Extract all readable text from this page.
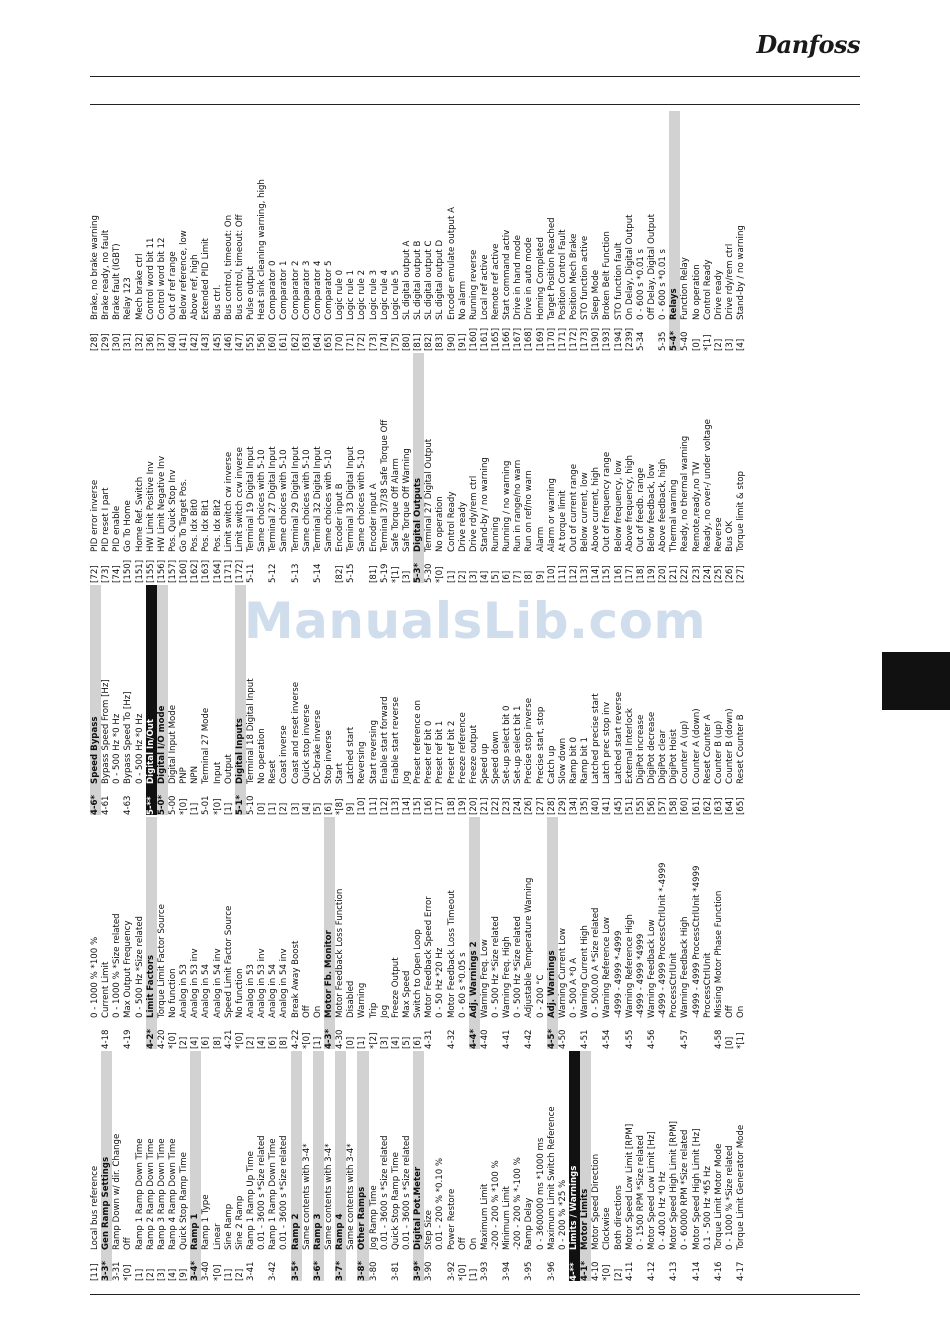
Danfoss
[11]
Local bus reference
3-3*
Gen Ramp Settings
3-31
Ramp Down w/ dir. Change
*[0]
Off
[1]
Ramp 1 Ramp Down Time
[2]
Ramp 2 Ramp Down Time
[3]
Ramp 3 Ramp Down Time
[4]
Ramp 4 Ramp Down Time
[9]
Quick Stop Ramp Time
3-4*
Ramp 1
3-40
Ramp 1 Type
*[0]
Linear
[1]
Sine Ramp
[2]
Sine 2 Ramp
3-41
Ramp 1 Ramp Up Time 0.01 - 3600 s *Size related
3-42
Ramp 1 Ramp Down Time 0.01 - 3600 s *Size related
3-5*
Ramp 2 Same contents with 3-4*
3-6*
Ramp 3 Same contents with 3-4*
3-7*
Ramp 4 Same contents with 3-4*
3-8*
Other Ramps
3-80
Jog Ramp Time 0.01 - 3600 s *Size related
3-81
Quick Stop Ramp Time 0.01 - 3600 s *Size related
3-9*
Digital Pot.Meter
3-90
Step Size 0.01 - 200 % *0.10 %
3-92
Power Restore
*[0]
Off
[1]
On
3-93
Maximum Limit -200 - 200 % *100 %
3-94
Minimum Limit -200 - 200 % *-100 %
3-95
Ramp Delay 0 - 3600000 ms *1000 ms
3-96
Maximum Limit Switch Reference 0 - 200 % *25 %
4-**
Limits / Warnings
4-1*
Motor Limits
4-10
Motor Speed Direction
*[0]
Clockwise
[2]
Both directions
4-11
Motor Speed Low Limit [RPM] 0 - 1500 RPM *Size related
4-12
Motor Speed Low Limit [Hz] 0 - 400.0 Hz *0 Hz
4-13
Motor Speed High Limit [RPM] 0 - 60000 RPM *Size related
4-14
Motor Speed High Limit [Hz] 0.1 - 500 Hz *65 Hz
4-16
Torque Limit Motor Mode 0 - 1000 % *Size related
4-17
Torque Limit Generator Mode
0 - 1000 % *100 %
4-18
Current Limit 0 - 1000 % *Size related
4-19
Max Output Frequency 0 - 500 Hz *Size related
4-2*
Limit Factors
4-20
Torque Limit Factor Source
*[0]
No function
[2]
Analog in 53
[4]
Analog in 53 inv
[6]
Analog in 54
[8]
Analog in 54 inv
4-21
Speed Limit Factor Source
*[0]
No function
[2]
Analog in 53
[4]
Analog in 53 inv
[6]
Analog in 54
[8]
Analog in 54 inv
4-22
Break Away Boost
*[0]
Off
[1]
On
4-3*
Motor Fb. Monitor
4-30
Motor Feedback Loss Function
[0]
Disabled
[1]
Warning
*[2]
Trip
[3]
Jog
[4]
Freeze Output
[5]
Max Speed
[6]
Switch to Open Loop
4-31
Motor Feedback Speed Error 0 - 50 Hz *20 Hz
4-32
Motor Feedback Loss Timeout 0 - 60 s *0.05 s
4-4*
Adj. Warnings 2
4-40
Warning Freq. Low 0 - 500 Hz *Size related
4-41
Warning Freq. High 0 - 500 Hz *Size related
4-42
Adjustable Temperature Warning 0 - 200 °C
4-5*
Adj. Warnings
4-50
Warning Current Low 0 - 500 A *0 A
4-51
Warning Current High 0 - 500.00 A *Size related
4-54
Warning Reference Low -4999 - 4999 *-4999
4-55
Warning Reference High -4999 - 4999 *4999
4-56
Warning Feedback Low -4999 - 4999 ProcessCtrlUnit *-4999 ProcessCtrlUnit
4-57
Warning Feedback High -4999 - 4999 ProcessCtrlUnit *4999 ProcessCtrlUnit
4-58
Missing Motor Phase Function
[0]
Off
*[1]
On
4-6*
Speed Bypass
4-61
Bypass Speed From [Hz] 0 - 500 Hz *0 Hz
4-63
Bypass Speed To [Hz] 0 - 500 Hz *0 Hz
5-**
Digital In/Out
5-0*
Digital I/O mode
5-00
Digital Input Mode
*[0]
PNP
[1]
NPN
5-01
Terminal 27 Mode
*[0]
Input
[1]
Output
5-1*
Digital Inputs
5-10
Terminal 18 Digital Input
[0]
No operation
[1]
Reset
[2]
Coast inverse
[3]
Coast and reset inverse
[4]
Quick stop inverse
[5]
DC-brake inverse
[6]
Stop inverse
*[8]
Start
[9]
Latched start
[10]
Reversing
[11]
Start reversing
[12]
Enable start forward
[13]
Enable start reverse
[14]
Jog
[15]
Preset reference on
[16]
Preset ref bit 0
[17]
Preset ref bit 1
[18]
Preset ref bit 2
[19]
Freeze reference
[20]
Freeze output
[21]
Speed up
[22]
Speed down
[23]
Set-up select bit 0
[24]
Set-up select bit 1
[26]
Precise stop inverse
[27]
Precise start, stop
[28]
Catch up
[29]
Slow down
[34]
Ramp bit 0
[35]
Ramp bit 1
[40]
Latched precise start
[41]
Latch prec stop inv
[45]
Latched start reverse
[51]
External Interlock
[55]
DigiPot increase
[56]
DigiPot decrease
[57]
DigiPot clear
[58]
DigiPot Hoist
[60]
Counter A (up)
[61]
Counter A (down)
[62]
Reset Counter A
[63]
Counter B (up)
[64]
Counter B (down)
[65]
Reset Counter B
[72]
PID error inverse
[73]
PID reset I part
[74]
PID enable
[150]
Go To Home
[151]
Home Ref. Switch
[155]
HW Limit Positive Inv
[156]
HW Limit Negative Inv
[157]
Pos. Quick Stop Inv
[160]
Go To Target Pos.
[162]
Pos. Idx Bit0
[163]
Pos. Idx Bit1
[164]
Pos. Idx Bit2
[171]
Limit switch cw inverse
[172]
Limit switch ccw inverse
5-11
Terminal 19 Digital Input Same choices with 5-10
5-12
Terminal 27 Digital Input Same choices with 5-10
5-13
Terminal 29 Digital Input Same choices with 5-10
5-14
Terminal 32 Digital Input Same choices with 5-10
[82]
Encoder input B
5-15
Terminal 33 Digital Input Same choices with 5-10
[81]
Encoder input A
5-19
Terminal 37/38 Safe Torque Off
*[1]
Safe Torque Off Alarm
[3]
Safe Torque Off Warning
5-3*
Digital Outputs
5-30
Terminal 27 Digital Output
*[0]
No operation
[1]
Control Ready
[2]
Drive ready
[3]
Drive rdy/rem ctrl
[4]
Stand-by / no warning
[5]
Running
[6]
Running / no warning
[7]
Run in range/no warn
[8]
Run on ref/no warn
[9]
Alarm
[10]
Alarm or warning
[11]
At torque limit
[12]
Out of current range
[13]
Below current, low
[14]
Above current, high
[15]
Out of frequency range
[16]
Below frequency, low
[17]
Above frequency, high
[18]
Out of feedb. range
[19]
Below feedback, low
[20]
Above feedback, high
[21]
Thermal warning
[22]
Ready, no thermal warning
[23]
Remote,ready,no TW
[24]
Ready, no over-/ under voltage
[25]
Reverse
[26]
Bus OK
[27]
Torque limit & stop
[28]
Brake, no brake warning
[29]
Brake ready, no fault
[30]
Brake fault (IGBT)
[31]
Relay 123
[32]
Mech brake ctrl
[36]
Control word bit 11
[37]
Control word bit 12
[40]
Out of ref range
[41]
Below reference, low
[42]
Above ref, high
[43]
Extended PID Limit
[45]
Bus ctrl.
[46]
Bus control, timeout: On
[47]
Bus control, timeout: Off
[55]
Pulse output
[56]
Heat sink cleaning warning, high
[60]
Comparator 0
[61]
Comparator 1
[62]
Comparator 2
[63]
Comparator 3
[64]
Comparator 4
[65]
Comparator 5
[70]
Logic rule 0
[71]
Logic rule 1
[72]
Logic rule 2
[73]
Logic rule 3
[74]
Logic rule 4
[75]
Logic rule 5
[80]
SL digital output A
[81]
SL digital output B
[82]
SL digital output C
[83]
SL digital output D
[90]
Encoder emulate output A
[91]
No alarm
[160]
Running reverse
[161]
Local ref active
[165]
Remote ref active
[166]
Start command activ
[167]
Drive in hand mode
[168]
Drive in auto mode
[169]
Homing Completed
[170]
Target Position Reached
[171]
Position Control Fault
[172]
Position Mech Brake
[173]
STO function active
[190]
Sleep Mode
[193]
Broken Belt Function
[194]
STO function fault
[239]
On Delay, Digital Output
5-34
0 - 600 s *0.01 s Off Delay, Digital Output
5-35
0 - 600 s *0.01 s
5-4*
Relays
5-40
Function Relay
[0]
No operation
*[1]
Control Ready
[2]
Drive ready
[3]
Drive rdy/rem ctrl
[4]
Stand-by / no warning
ManualsLib.com
